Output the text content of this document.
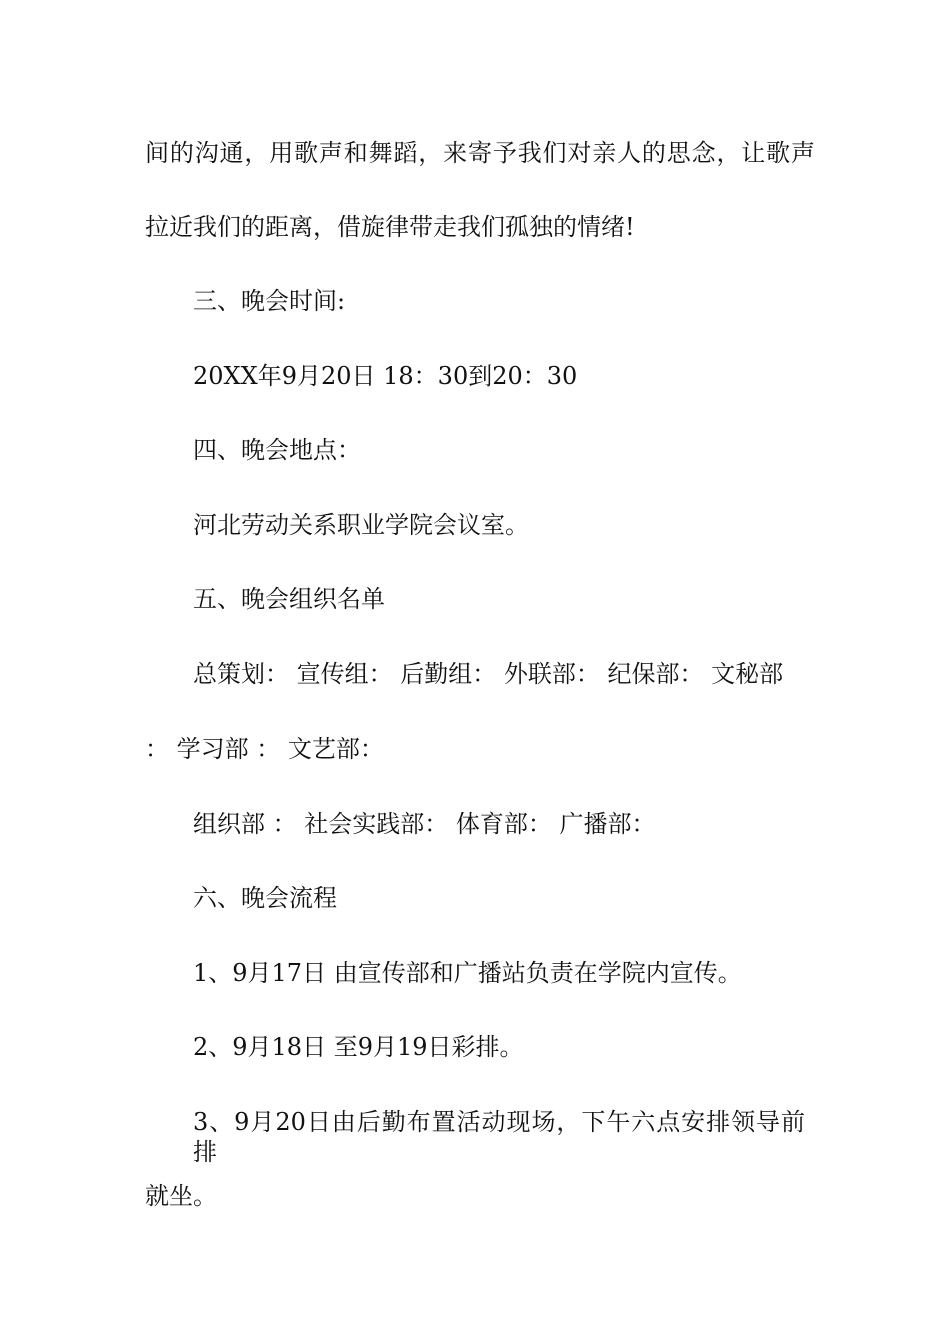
间的沟通，用歌声和舞蹈，来寄予我们对亲人的思念，让歌声
拉近我们的距离，借旋律带走我们孤独的情绪!
三、晚会时间:
20XX年9月20日 18：30到20：30
四、晚会地点：
河北劳动关系职业学院会议室。
五、晚会组织名单
总策划： 宣传组： 后勤组： 外联部： 纪保部： 文秘部
： 学习部 ： 文艺部：
组织部 ： 社会实践部： 体育部： 广播部：
六、晚会流程
1、9月17日 由宣传部和广播站负责在学院内宣传。
2、9月18日 至9月19日彩排。
3、9月20日由后勤布置活动现场，下午六点安排领导前排
就坐。
